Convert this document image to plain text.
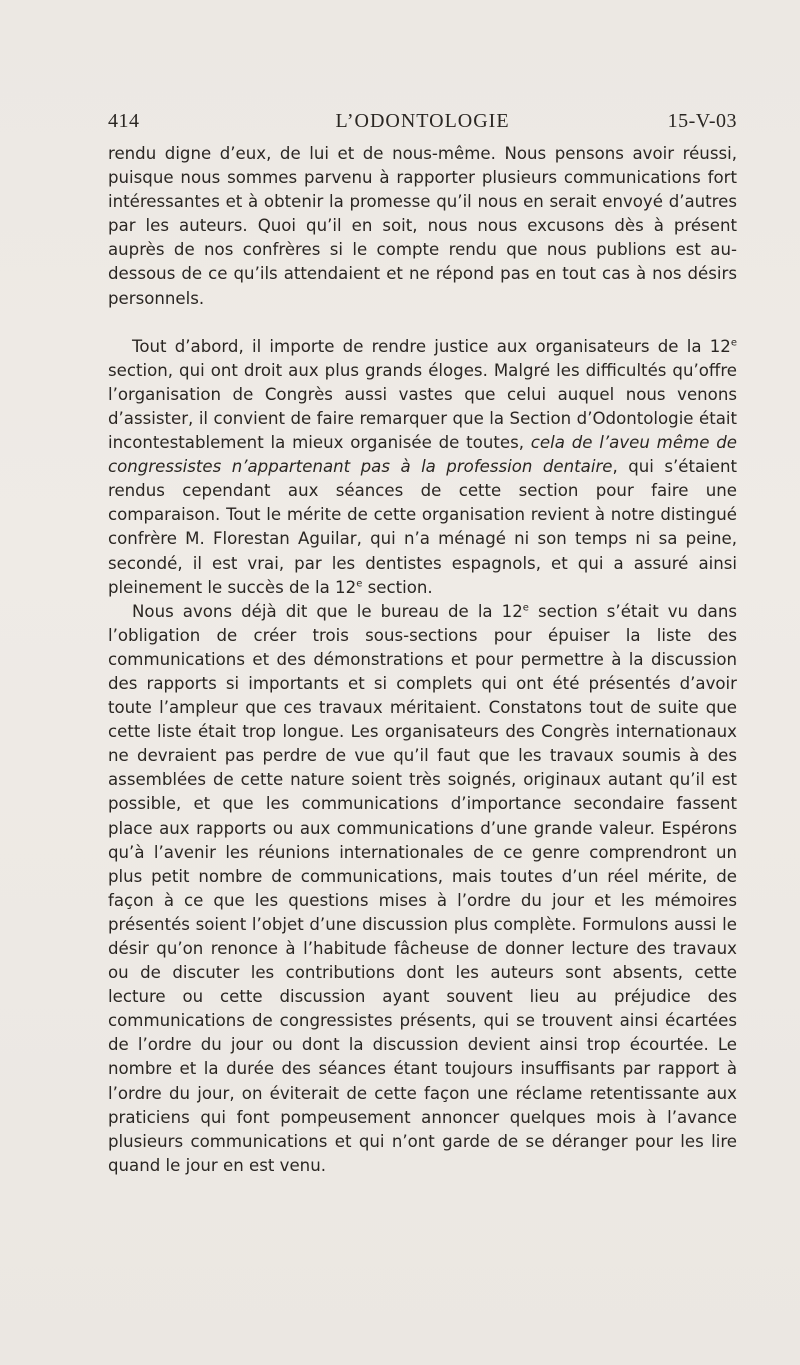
414	L’ODONTOLOGIE	15-V-03

rendu digne d’eux, de lui et de nous-même. Nous pensons avoir réussi, puisque nous sommes parvenu à rapporter plusieurs communications fort intéressantes et à obtenir la promesse qu’il nous en serait envoyé d’autres par les auteurs. Quoi qu’il en soit, nous nous excusons dès à présent auprès de nos confrères si le compte rendu que nous publions est au-dessous de ce qu’ils attendaient et ne répond pas en tout cas à nos désirs personnels.

Tout d’abord, il importe de rendre justice aux organisateurs de la 12e section, qui ont droit aux plus grands éloges. Malgré les difficultés qu’offre l’organisation de Congrès aussi vastes que celui auquel nous venons d’assister, il convient de faire remarquer que la Section d’Odontologie était incontestablement la mieux organisée de toutes, cela de l’aveu même de congressistes n’appartenant pas à la profession dentaire, qui s’étaient rendus cependant aux séances de cette section pour faire une comparaison. Tout le mérite de cette organisation revient à notre distingué confrère M. Florestan Aguilar, qui n’a ménagé ni son temps ni sa peine, secondé, il est vrai, par les dentistes espagnols, et qui a assuré ainsi pleinement le succès de la 12e section.

Nous avons déjà dit que le bureau de la 12e section s’était vu dans l’obligation de créer trois sous-sections pour épuiser la liste des communications et des démonstrations et pour permettre à la discussion des rapports si importants et si complets qui ont été présentés d’avoir toute l’ampleur que ces travaux méritaient. Constatons tout de suite que cette liste était trop longue. Les organisateurs des Congrès internationaux ne devraient pas perdre de vue qu’il faut que les travaux soumis à des assemblées de cette nature soient très soignés, originaux autant qu’il est possible, et que les communications d’importance secondaire fassent place aux rapports ou aux communications d’une grande valeur. Espérons qu’à l’avenir les réunions internationales de ce genre comprendront un plus petit nombre de communications, mais toutes d’un réel mérite, de façon à ce que les questions mises à l’ordre du jour et les mémoires présentés soient l’objet d’une discussion plus complète. Formulons aussi le désir qu’on renonce à l’habitude fâcheuse de donner lecture des travaux ou de discuter les contributions dont les auteurs sont absents, cette lecture ou cette discussion ayant souvent lieu au préjudice des communications de congressistes présents, qui se trouvent ainsi écartées de l’ordre du jour ou dont la discussion devient ainsi trop écourtée. Le nombre et la durée des séances étant toujours insuffisants par rapport à l’ordre du jour, on éviterait de cette façon une réclame retentissante aux praticiens qui font pompeusement annoncer quelques mois à l’avance plusieurs communications et qui n’ont garde de se déranger pour les lire quand le jour en est venu.
